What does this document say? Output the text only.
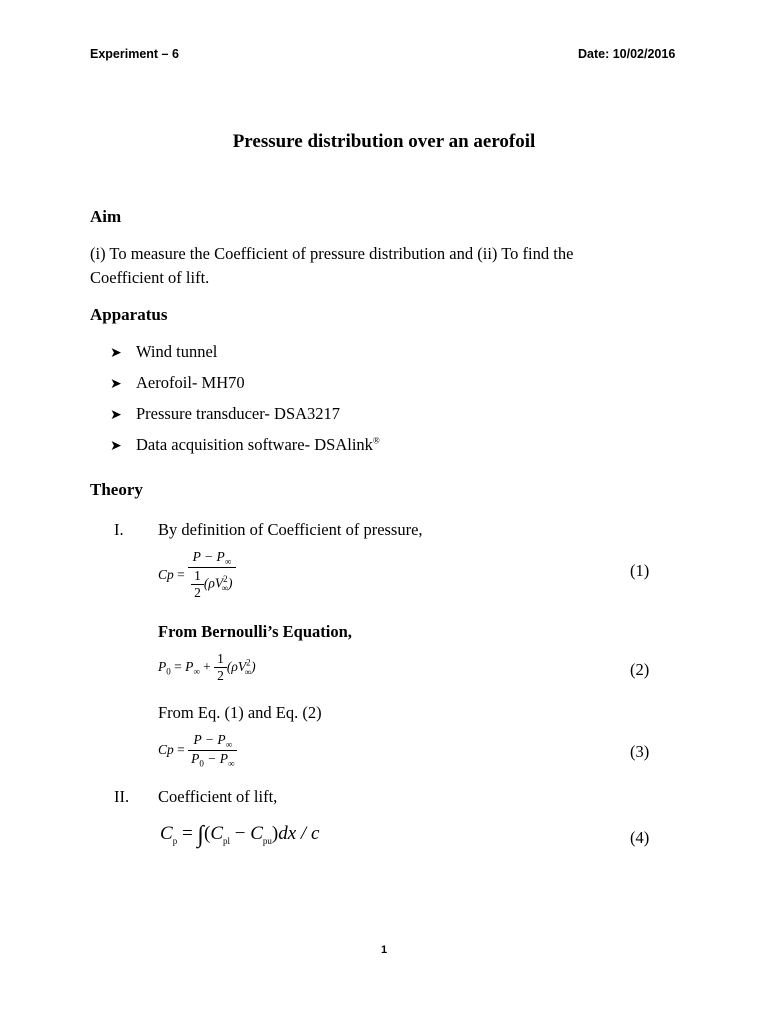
Experiment – 6	Date: 10/02/2016
Pressure distribution over an aerofoil
Aim
(i) To measure the Coefficient of pressure distribution and (ii) To find the
Coefficient of lift.
Apparatus
➤ Wind tunnel
➤ Aerofoil- MH70
➤ Pressure transducer- DSA3217
➤ Data acquisition software- DSAlink®
Theory
I. By definition of Coefficient of pressure,
$Cp = \frac{P - P_\infty}{\frac{1}{2} (\rho V^2_\infty)}$	(1)
From Bernoulli’s Equation,
$P_0 = P_\infty + \frac{1}{2} (\rho V^2_\infty)$	(2)
From Eq. (1) and Eq. (2)
$Cp = \frac{P - P_\infty}{P_0 - P_\infty}$	(3)
II. Coefficient of lift,
$C_p = \int(C_{pl} - C_{pu})dx / c$	(4)
1
